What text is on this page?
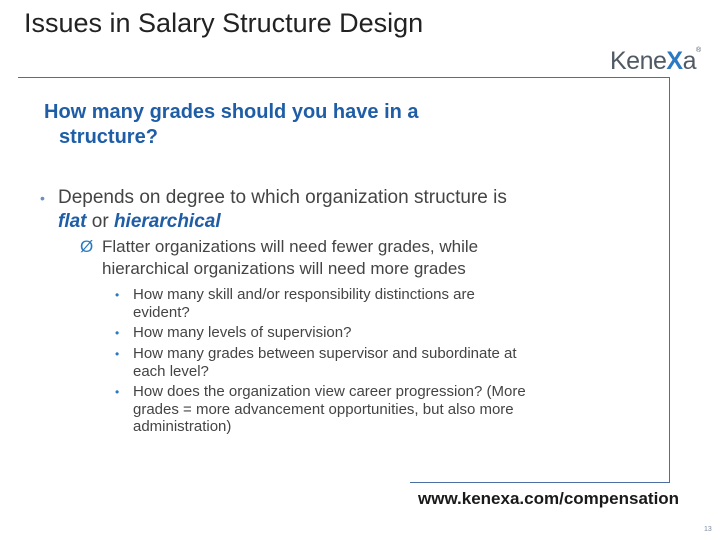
Issues in Salary Structure Design
KeneXa®
How many grades should you have in a
structure?
• Depends on degree to which organization structure is
flat or hierarchical
Ø Flatter organizations will need fewer grades, while
hierarchical organizations will need more grades
• How many skill and/or responsibility distinctions are
evident?
• How many levels of supervision?
• How many grades between supervisor and subordinate at
each level?
• How does the organization view career progression? (More
grades = more advancement opportunities, but also more
administration)
www.kenexa.com/compensation
13
